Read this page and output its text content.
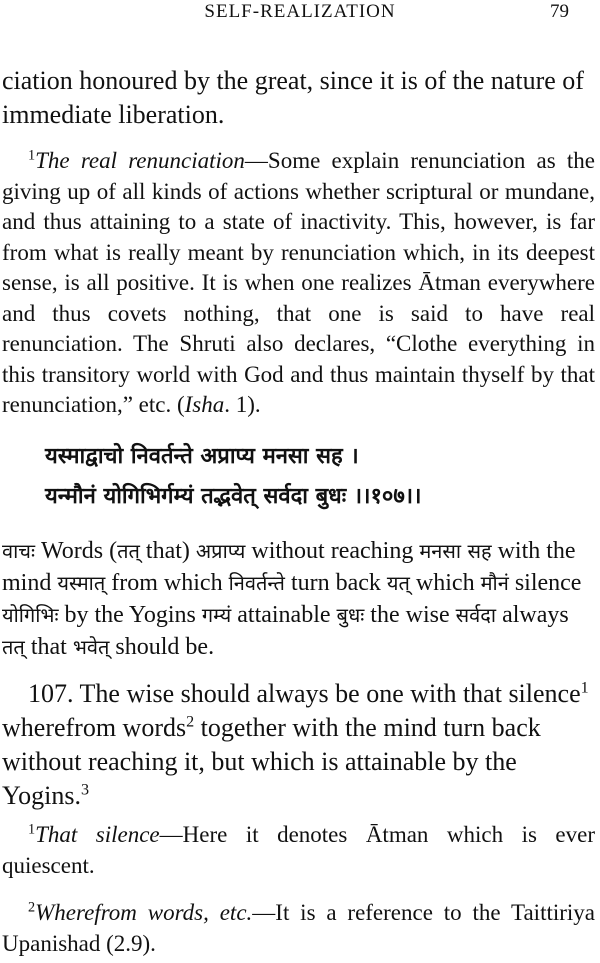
SELF-REALIZATION	79
ciation honoured by the great, since it is of the nature of
immediate liberation.
$^1$The real renunciation—Some explain renunciation as the giving up of all kinds of actions whether scriptural or mundane, and thus attaining to a state of inactivity. This, however, is far from what is really meant by renunciation which, in its deepest sense, is all positive. It is when one realizes Ātman everywhere and thus covets nothing, that one is said to have real renunciation. The Shruti also declares, “Clothe everything in this transitory world with God and thus maintain thyself by that renunciation,” etc. (Isha. 1).
यस्माद्वाचो निवर्तन्ते अप्राप्य मनसा सह ।
यन्मौनं योगिभिर्गम्यं तद्भवेत् सर्वदा बुधः ।।१०७।।
वाचः Words (तत् that) अप्राप्य without reaching मनसा सह with the mind यस्मात् from which निवर्तन्ते turn back यत् which मौनं silence योगिभिः by the Yogins गम्यं attainable बुधः the wise सर्वदा always तत् that भवेत् should be.
107. The wise should always be one with that silence$^1$ wherefrom words$^2$ together with the mind turn back without reaching it, but which is attainable by the Yogins.$^3$
$^1$That silence—Here it denotes Ātman which is ever quiescent.
$^2$Wherefrom words, etc.—It is a reference to the Taittiriya Upanishad (2.9).
